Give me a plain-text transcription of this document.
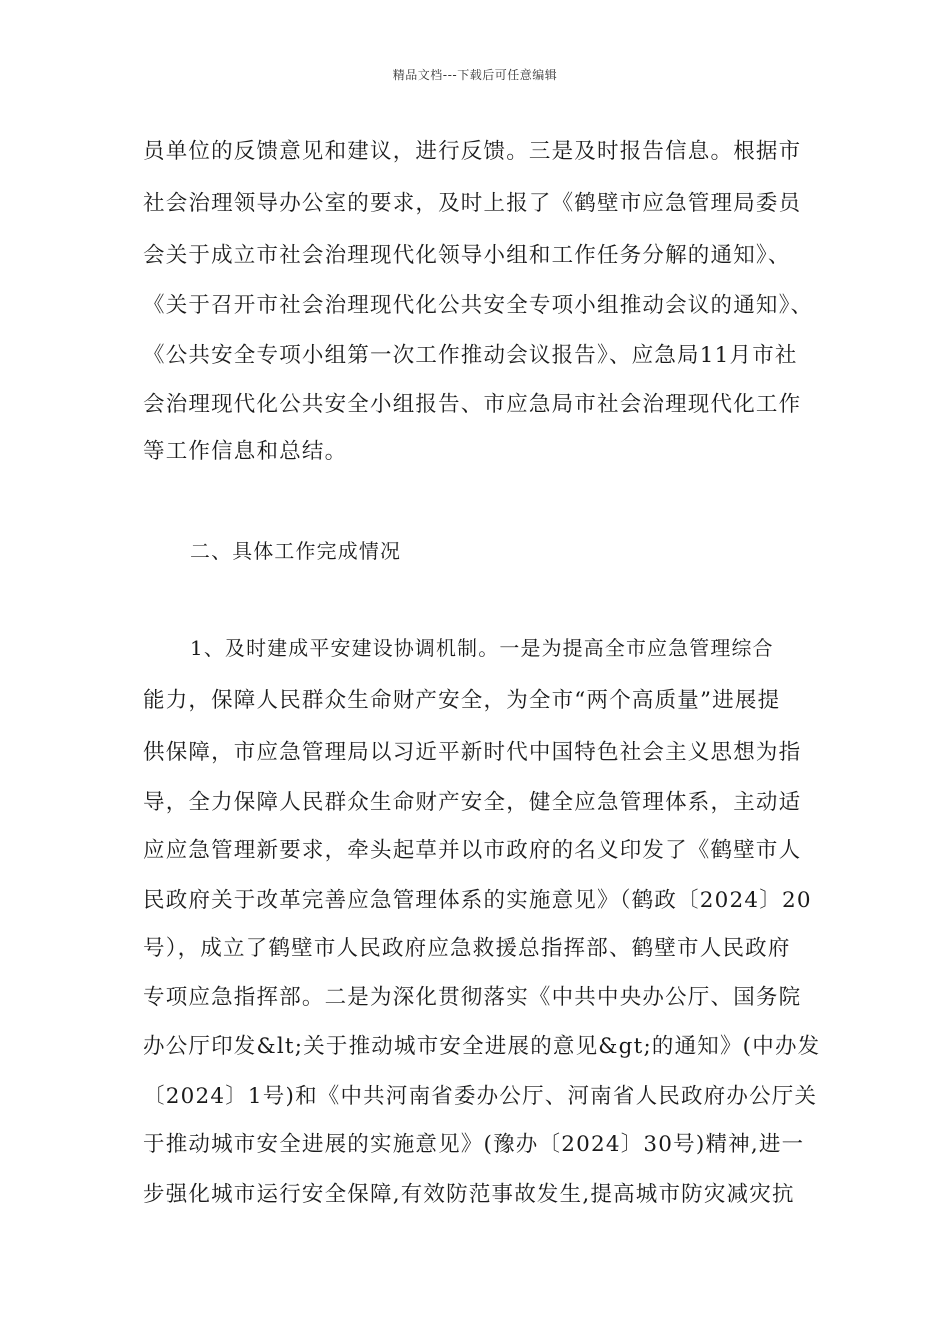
精品文档---下载后可任意编辑
员单位的反馈意见和建议，进行反馈。三是及时报告信息。根据市
社会治理领导办公室的要求，及时上报了《鹤壁市应急管理局委员
会关于成立市社会治理现代化领导小组和工作任务分解的通知》、
《关于召开市社会治理现代化公共安全专项小组推动会议的通知》、
《公共安全专项小组第一次工作推动会议报告》、应急局11月市社
会治理现代化公共安全小组报告、市应急局市社会治理现代化工作
等工作信息和总结。
二、具体工作完成情况
1、及时建成平安建设协调机制。一是为提高全市应急管理综合
能力，保障人民群众生命财产安全，为全市“两个高质量”进展提
供保障，市应急管理局以习近平新时代中国特色社会主义思想为指
导，全力保障人民群众生命财产安全，健全应急管理体系，主动适
应应急管理新要求，牵头起草并以市政府的名义印发了《鹤壁市人
民政府关于改革完善应急管理体系的实施意见》（鹤政〔2024〕20
号），成立了鹤壁市人民政府应急救援总指挥部、鹤壁市人民政府
专项应急指挥部。二是为深化贯彻落实《中共中央办公厅、国务院
办公厅印发&lt;关于推动城市安全进展的意见&gt;的通知》(中办发
〔2024〕1号)和《中共河南省委办公厅、河南省人民政府办公厅关
于推动城市安全进展的实施意见》(豫办〔2024〕30号)精神,进一
步强化城市运行安全保障,有效防范事故发生,提高城市防灾减灾抗
